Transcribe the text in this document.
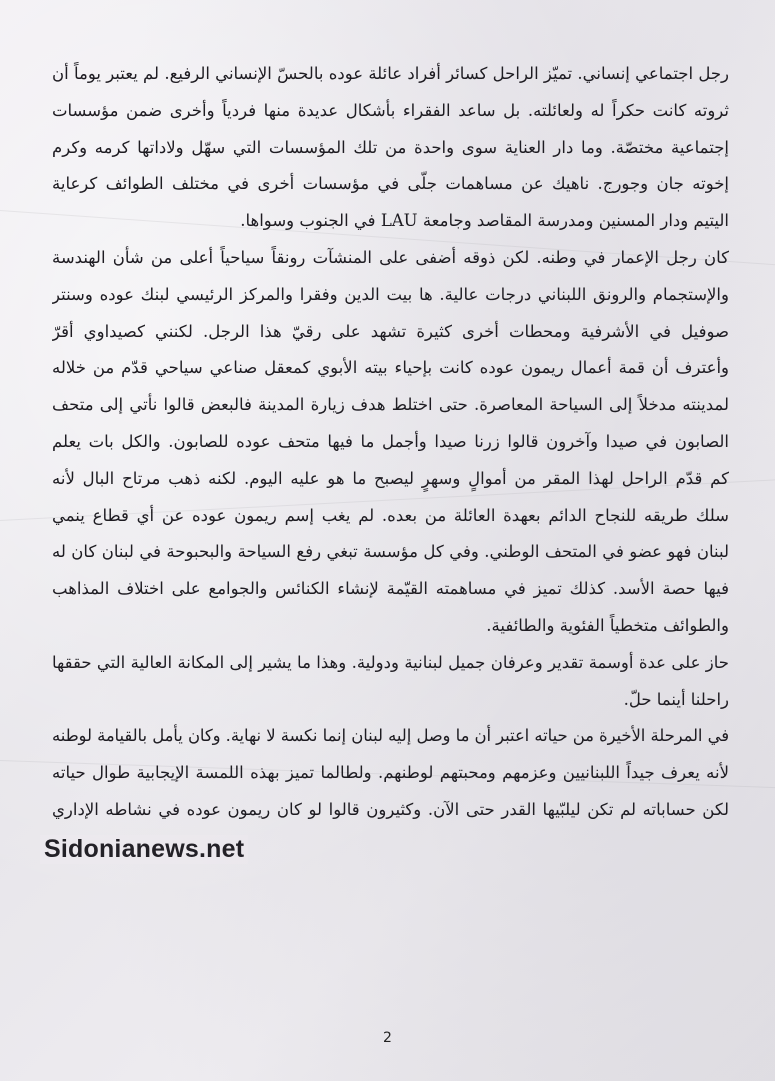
رجل اجتماعي إنساني. تميّز الراحل كسائر أفراد عائلة عوده بالحسّ الإنساني الرفيع. لم يعتبر يوماً أن
ثروته كانت حكراً له ولعائلته. بل ساعد الفقراء بأشكال عديدة منها فردياً وأخرى ضمن مؤسسات
إجتماعية مختصّة. وما دار العناية سوى واحدة من تلك المؤسسات التي سهّل ولاداتها كرمه وكرم
إخوته جان وجورج. ناهيك عن مساهمات جلّى في مؤسسات أخرى في مختلف الطوائف كرعاية
اليتيم ودار المسنين ومدرسة المقاصد وجامعة LAU في الجنوب وسواها.
كان رجل الإعمار في وطنه. لكن ذوقه أضفى على المنشآت رونقاً سياحياً أعلى من شأن الهندسة
والإستجمام والرونق اللبناني درجات عالية. ها بيت الدين وفقرا والمركز الرئيسي لبنك عوده وسنتر
صوفيل في الأشرفية ومحطات أخرى كثيرة تشهد على رقيّ هذا الرجل. لكنني كصيداوي أقرّ
وأعترف أن قمة أعمال ريمون عوده كانت بإحياء بيته الأبوي كمعقل صناعي سياحي قدّم من خلاله
لمدينته مدخلاً إلى السياحة المعاصرة. حتى اختلط هدف زيارة المدينة فالبعض قالوا نأتي إلى متحف
الصابون في صيدا وآخرون قالوا زرنا صيدا وأجمل ما فيها متحف عوده للصابون. والكل بات يعلم
كم قدّم الراحل لهذا المقر من أموالٍ وسهرٍ ليصبح ما هو عليه اليوم. لكنه ذهب مرتاح البال لأنه
سلك طريقه للنجاح الدائم بعهدة العائلة من بعده. لم يغب إسم ريمون عوده عن أي قطاع ينمي
لبنان فهو عضو في المتحف الوطني. وفي كل مؤسسة تبغي رفع السياحة والبحبوحة في لبنان كان له
فيها حصة الأسد. كذلك تميز في مساهمته القيّمة لإنشاء الكنائس والجوامع على اختلاف المذاهب
والطوائف متخطياً الفئوية والطائفية.
حاز على عدة أوسمة تقدير وعرفان جميل لبنانية ودولية. وهذا ما يشير إلى المكانة العالية التي حققها
راحلنا أينما حلّ.
في المرحلة الأخيرة من حياته اعتبر أن ما وصل إليه لبنان إنما نكسة لا نهاية. وكان يأمل بالقيامة لوطنه
لأنه يعرف جيداً اللبنانيين وعزمهم ومحبتهم لوطنهم. ولطالما تميز بهذه اللمسة الإيجابية طوال حياته
لكن حساباته لم تكن ليلبّيها القدر حتى الآن. وكثيرون قالوا لو كان ريمون عوده في نشاطه الإداري
Sidonianews.net
2
